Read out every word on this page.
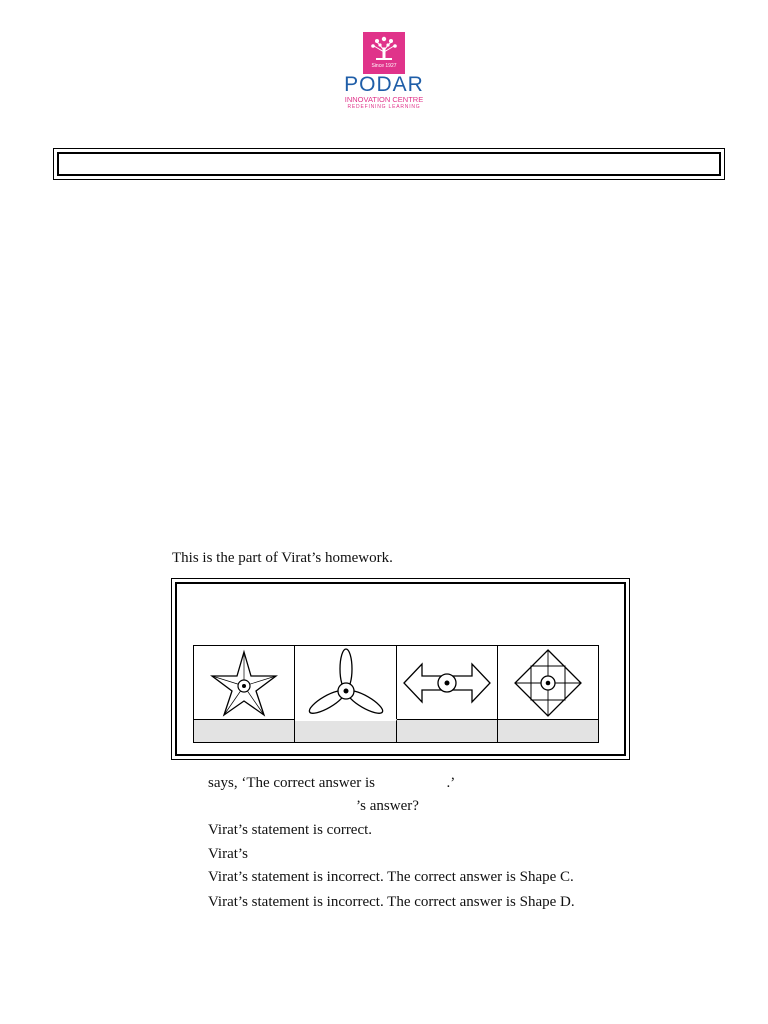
Since 1927
PODAR
INNOVATION CENTRE
REDEFINING LEARNING
This is the part of Virat’s homework.
says, ‘The correct answer is	.’
’s answer?
Virat’s statement is correct.
Virat’s
Virat’s statement is incorrect. The correct answer is Shape C.
Virat’s statement is incorrect. The correct answer is Shape D.
